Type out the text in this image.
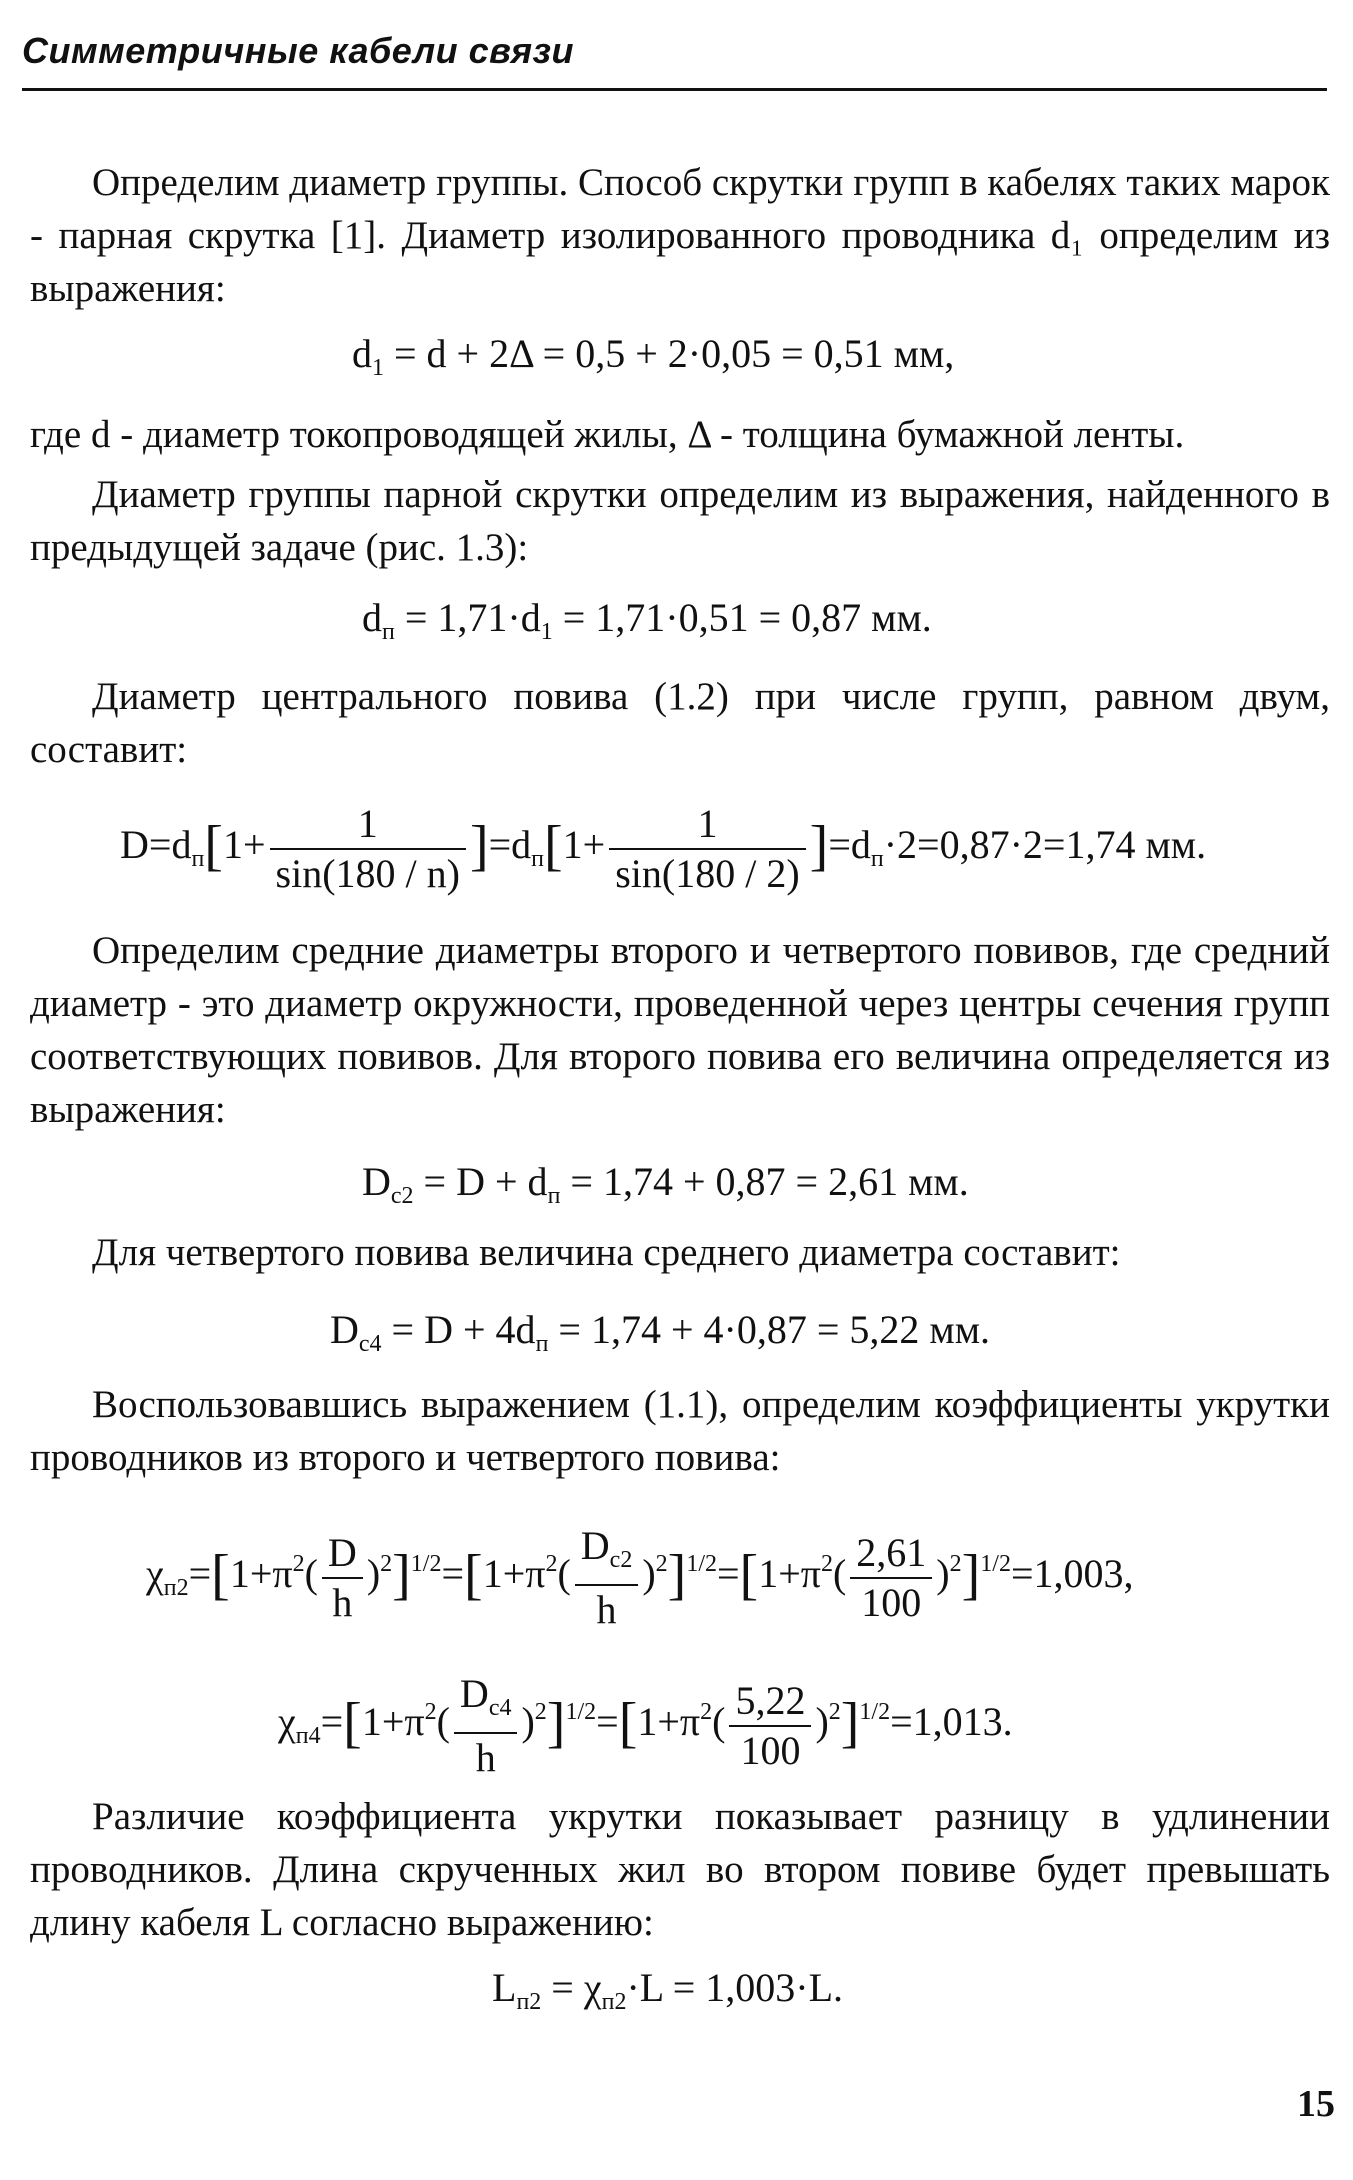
Симметричные кабели связи

Определим диаметр группы. Способ скрутки групп в кабелях таких марок - парная скрутка [1]. Диаметр изолированного проводника d₁ определим из выражения:

$d_1 = d + 2\Delta = 0,5 + 2\cdot 0,05 = 0,51$ мм,

где d - диаметр токопроводящей жилы, Δ - толщина бумажной ленты.

Диаметр группы парной скрутки определим из выражения, найденного в предыдущей задаче (рис. 1.3):

$d_п = 1,71\cdot d_1 = 1,71\cdot 0,51 = 0,87$ мм.

Диаметр центрального повива (1.2) при числе групп, равном двум, составит:

$D=d_п[1+ \frac{1}{\sin(180 / n)} ]=d_п[1+ \frac{1}{\sin(180 / 2)} ]=d_п\cdot 2=0,87\cdot 2=1,74$ мм.

Определим средние диаметры второго и четвертого повивов, где средний диаметр - это диаметр окружности, проведенной через центры сечения групп соответствующих повивов. Для второго повива его величина определяется из выражения:

$D_{c2} = D + d_п = 1,74 + 0,87 = 2,61$ мм.

Для четвертого повива величина среднего диаметра составит:

$D_{c4} = D + 4d_п = 1,74 + 4\cdot 0,87 = 5,22$ мм.

Воспользовавшись выражением (1.1), определим коэффициенты укрутки проводников из второго и четвертого повива:

$\chi_{п2}=[1+\pi^2( \frac{D}{h} )^2]^{1/2}=[1+\pi^2( \frac{D_{c2}}{h} )^2]^{1/2}=[1+\pi^2( \frac{2,61}{100} )^2]^{1/2}=1,003$,
$\chi_{п4}=[1+\pi^2( \frac{D_{c4}}{h} )^2]^{1/2}=[1+\pi^2( \frac{5,22}{100} )^2]^{1/2}=1,013$.

Различие коэффициента укрутки показывает разницу в удлинении проводников. Длина скрученных жил во втором повиве будет превышать длину кабеля L согласно выражению:

$L_{п2} = \chi_{п2}\cdot L = 1,003\cdot L$.
15
